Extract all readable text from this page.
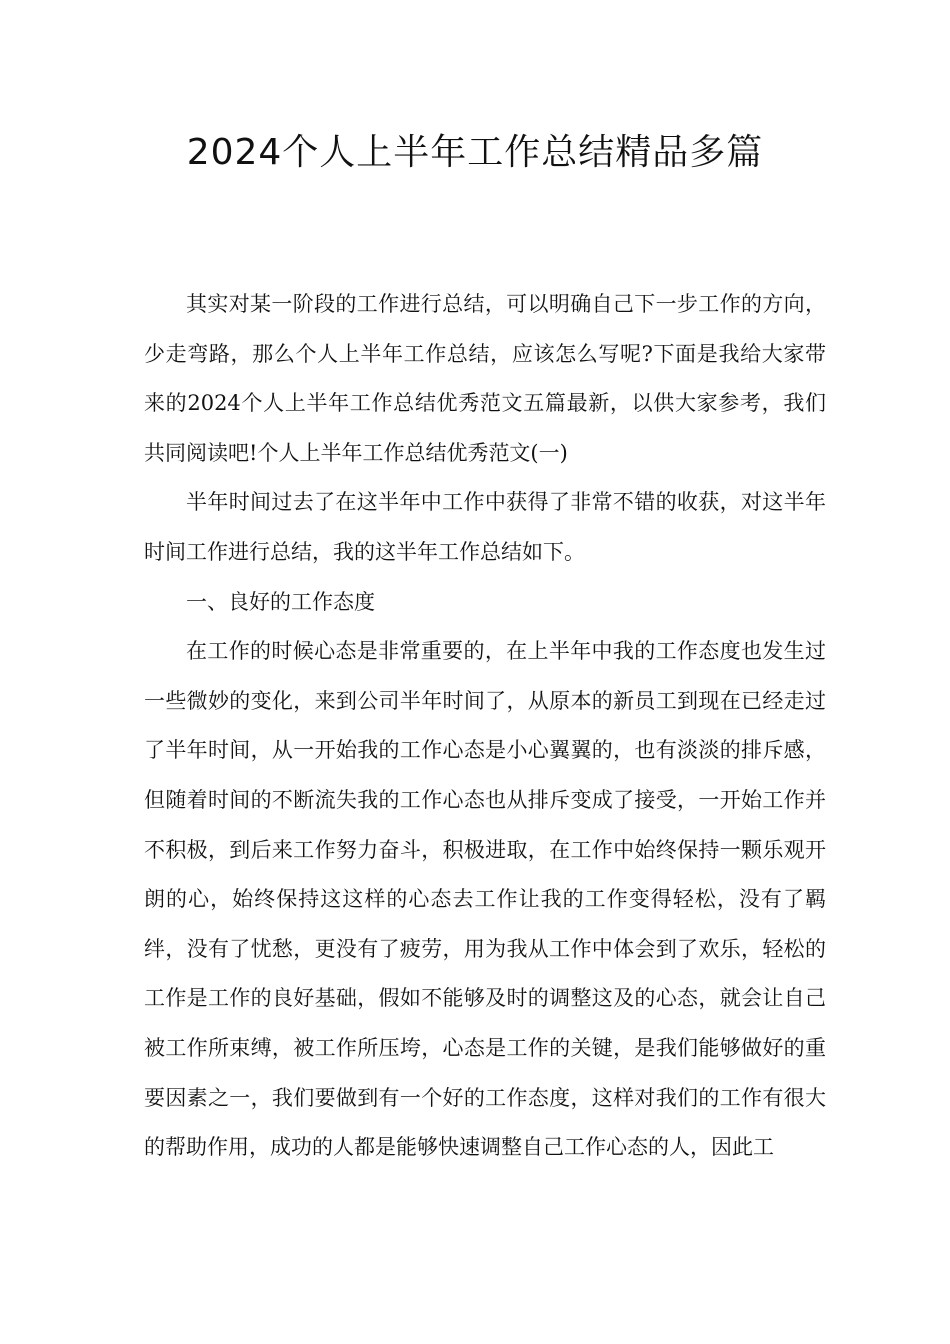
2024个人上半年工作总结精品多篇

其实对某一阶段的工作进行总结，可以明确自己下一步工作的方向，少走弯路，那么个人上半年工作总结，应该怎么写呢?下面是我给大家带来的2024个人上半年工作总结优秀范文五篇最新，以供大家参考，我们共同阅读吧!个人上半年工作总结优秀范文(一)

半年时间过去了在这半年中工作中获得了非常不错的收获，对这半年时间工作进行总结，我的这半年工作总结如下。

一、良好的工作态度

在工作的时候心态是非常重要的，在上半年中我的工作态度也发生过一些微妙的变化，来到公司半年时间了，从原本的新员工到现在已经走过了半年时间，从一开始我的工作心态是小心翼翼的，也有淡淡的排斥感，但随着时间的不断流失我的工作心态也从排斥变成了接受，一开始工作并不积极，到后来工作努力奋斗，积极进取，在工作中始终保持一颗乐观开朗的心，始终保持这这样的心态去工作让我的工作变得轻松，没有了羁绊，没有了忧愁，更没有了疲劳，用为我从工作中体会到了欢乐，轻松的工作是工作的良好基础，假如不能够及时的调整这及的心态，就会让自己被工作所束缚，被工作所压垮，心态是工作的关键，是我们能够做好的重要因素之一，我们要做到有一个好的工作态度，这样对我们的工作有很大的帮助作用，成功的人都是能够快速调整自己工作心态的人，因此工
